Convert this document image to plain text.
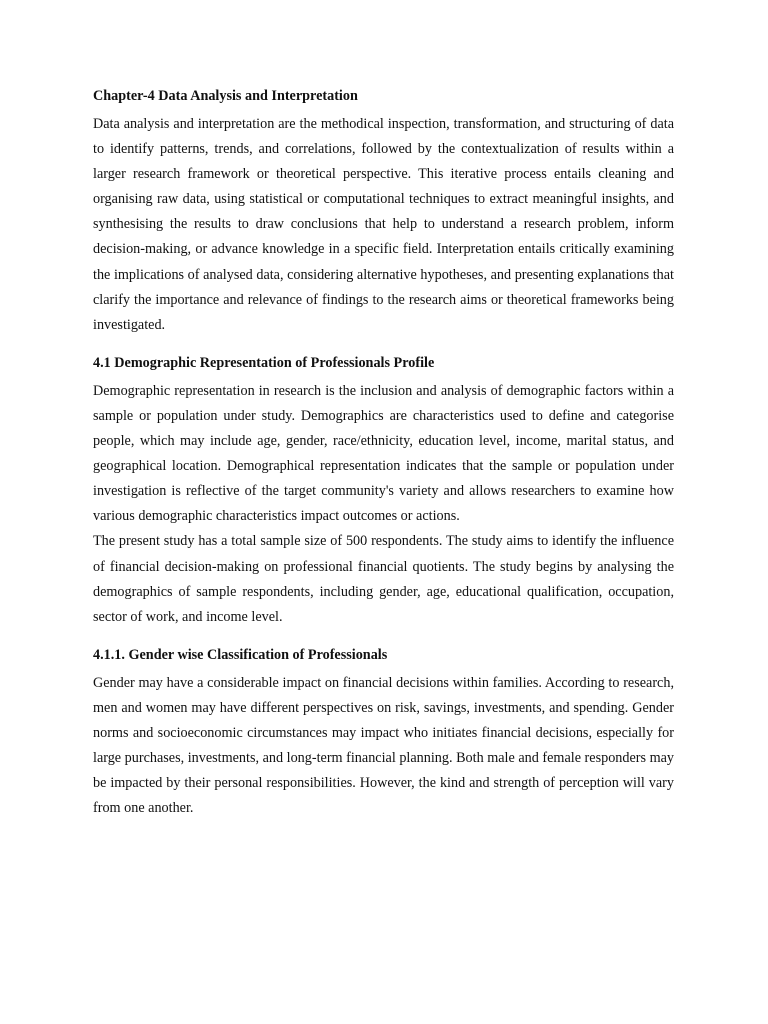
Chapter-4 Data Analysis and Interpretation

Data analysis and interpretation are the methodical inspection, transformation, and structuring of data to identify patterns, trends, and correlations, followed by the contextualization of results within a larger research framework or theoretical perspective. This iterative process entails cleaning and organising raw data, using statistical or computational techniques to extract meaningful insights, and synthesising the results to draw conclusions that help to understand a research problem, inform decision-making, or advance knowledge in a specific field. Interpretation entails critically examining the implications of analysed data, considering alternative hypotheses, and presenting explanations that clarify the importance and relevance of findings to the research aims or theoretical frameworks being investigated.

4.1 Demographic Representation of Professionals Profile

Demographic representation in research is the inclusion and analysis of demographic factors within a sample or population under study. Demographics are characteristics used to define and categorise people, which may include age, gender, race/ethnicity, education level, income, marital status, and geographical location. Demographical representation indicates that the sample or population under investigation is reflective of the target community's variety and allows researchers to examine how various demographic characteristics impact outcomes or actions.

The present study has a total sample size of 500 respondents. The study aims to identify the influence of financial decision-making on professional financial quotients. The study begins by analysing the demographics of sample respondents, including gender, age, educational qualification, occupation, sector of work, and income level.

4.1.1. Gender wise Classification of Professionals

Gender may have a considerable impact on financial decisions within families. According to research, men and women may have different perspectives on risk, savings, investments, and spending. Gender norms and socioeconomic circumstances may impact who initiates financial decisions, especially for large purchases, investments, and long-term financial planning. Both male and female responders may be impacted by their personal responsibilities. However, the kind and strength of perception will vary from one another.
